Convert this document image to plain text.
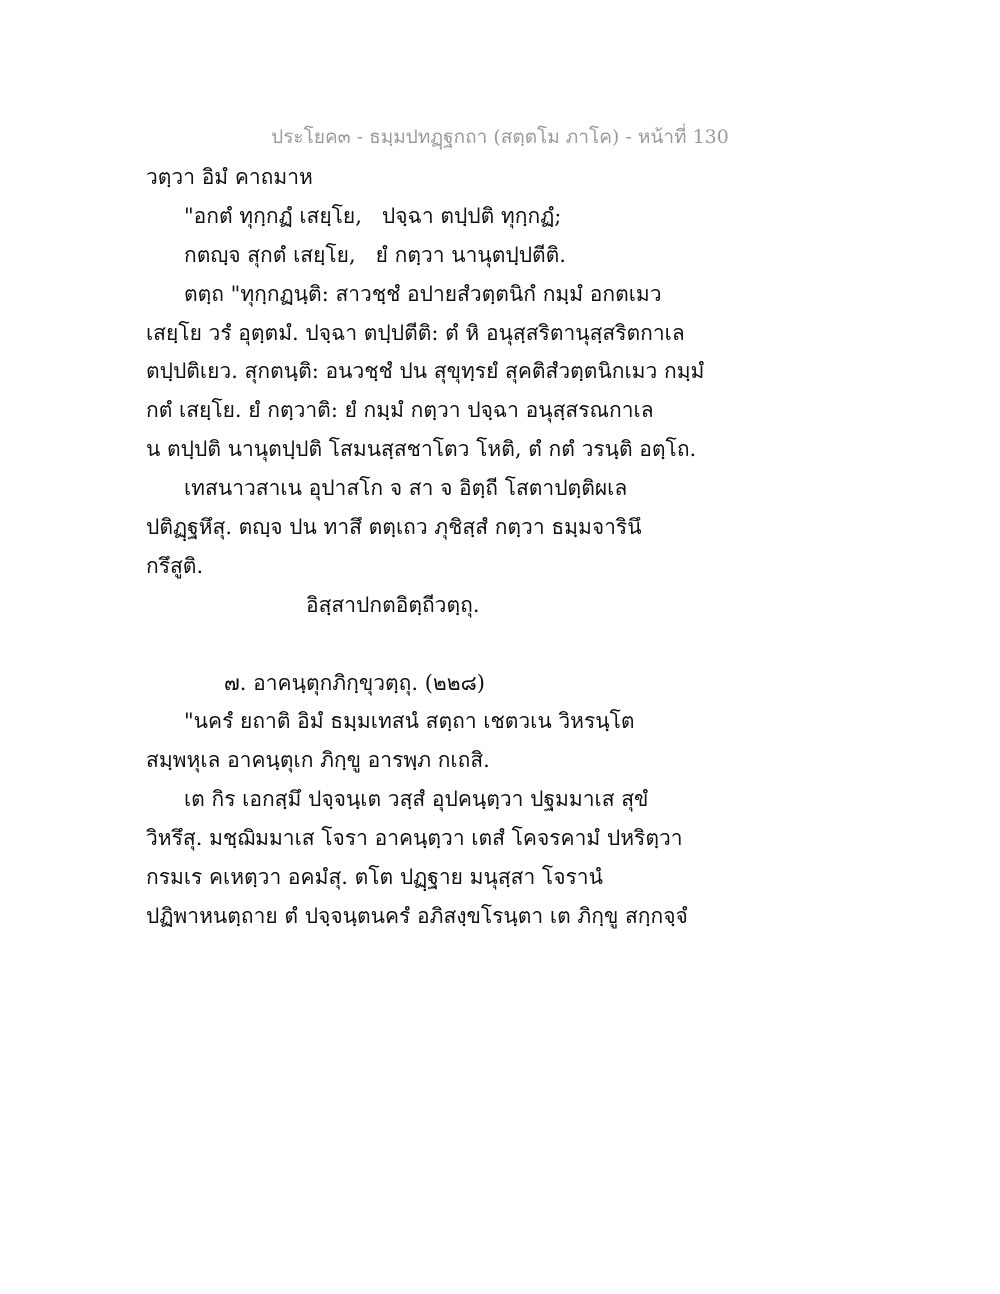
ประโยค๓ - ธมฺมปทฏฺฐกถา (สตฺตโม ภาโค) - หน้าที่ 130
วตฺวา อิมํ คาถมาห
"อกตํ ทุกฺกฏํ เสยฺโย, ปจฺฉา ตปฺปติ ทุกฺกฏํ;
กตญฺจ สุกตํ เสยฺโย, ยํ กตฺวา นานุตปฺปตีติ.
ตตฺถ "ทุกฺกฏนฺติ: สาวชฺชํ อปายสํวตฺตนิกํ กมฺมํ อกตเมว
เสยฺโย วรํ อุตฺตมํ. ปจฺฉา ตปฺปตีติ: ตํ หิ อนุสฺสริตานุสฺสริตกาเล
ตปฺปติเยว. สุกตนฺติ: อนวชฺชํ ปน สุขุทฺรยํ สุคติสํวตฺตนิกเมว กมฺมํ
กตํ เสยฺโย. ยํ กตฺวาติ: ยํ กมฺมํ กตฺวา ปจฺฉา อนุสฺสรณกาเล
น ตปฺปติ นานุตปฺปติ โสมนสฺสชาโตว โหติ, ตํ กตํ วรนฺติ อตฺโถ.
เทสนาวสาเน อุปาสโก จ สา จ อิตฺถี โสตาปตฺติผเล
ปติฏฺฐหึสุ. ตญฺจ ปน ทาสึ ตตฺเถว ภุชิสฺสํ กตฺวา ธมฺมจารินึ
กรึสูติ.
อิสฺสาปกตอิตฺถีวตฺถุ.
๗. อาคนฺตุกภิกฺขุวตฺถุ. (๒๒๘)
"นครํ ยถาติ อิมํ ธมฺมเทสนํ สตฺถา เชตวเน วิหรนฺโต
สมฺพหุเล อาคนฺตุเก ภิกฺขู อารพฺภ กเถสิ.
เต กิร เอกสฺมึ ปจฺจนฺเต วสฺสํ อุปคนฺตฺวา ปฐมมาเส สุขํ
วิหรึสุ. มชฺฌิมมาเส โจรา อาคนฺตฺวา เตสํ โคจรคามํ ปหริตฺวา
กรมเร คเหตฺวา อคมํสุ. ตโต ปฏฺฐาย มนุสฺสา โจรานํ
ปฏิพาหนตฺถาย ตํ ปจฺจนฺตนครํ อภิสงฺขโรนฺตา เต ภิกฺขู สกฺกจฺจํ
